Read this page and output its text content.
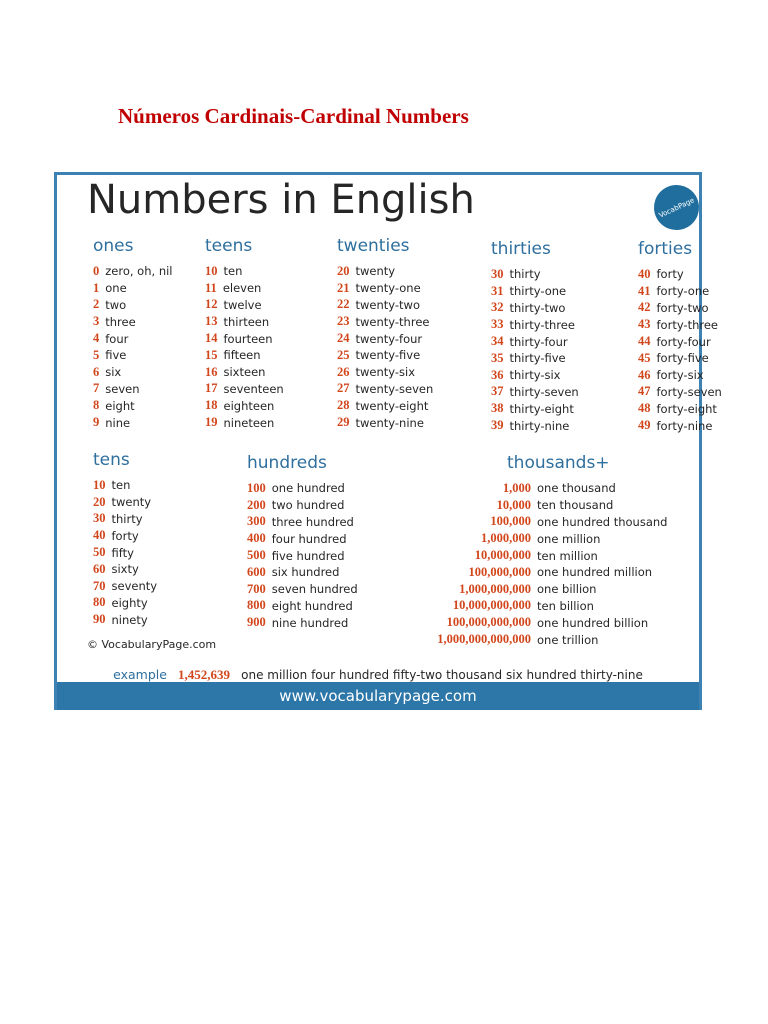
Números Cardinais-Cardinal Numbers
Numbers in English	VocabPage
ones
0 zero, oh, nil
1 one
2 two
3 three
4 four
5 five
6 six
7 seven
8 eight
9 nine
teens
10 ten
11 eleven
12 twelve
13 thirteen
14 fourteen
15 fifteen
16 sixteen
17 seventeen
18 eighteen
19 nineteen
twenties
20 twenty
21 twenty-one
22 twenty-two
23 twenty-three
24 twenty-four
25 twenty-five
26 twenty-six
27 twenty-seven
28 twenty-eight
29 twenty-nine
thirties
30 thirty
31 thirty-one
32 thirty-two
33 thirty-three
34 thirty-four
35 thirty-five
36 thirty-six
37 thirty-seven
38 thirty-eight
39 thirty-nine
forties
40 forty
41 forty-one
42 forty-two
43 forty-three
44 forty-four
45 forty-five
46 forty-six
47 forty-seven
48 forty-eight
49 forty-nine
tens
10 ten
20 twenty
30 thirty
40 forty
50 fifty
60 sixty
70 seventy
80 eighty
90 ninety
hundreds
100 one hundred
200 two hundred
300 three hundred
400 four hundred
500 five hundred
600 six hundred
700 seven hundred
800 eight hundred
900 nine hundred
thousands+
1,000 one thousand
10,000 ten thousand
100,000 one hundred thousand
1,000,000 one million
10,000,000 ten million
100,000,000 one hundred million
1,000,000,000 one billion
10,000,000,000 ten billion
100,000,000,000 one hundred billion
1,000,000,000,000 one trillion
© VocabularyPage.com
example 1,452,639 one million four hundred fifty-two thousand six hundred thirty-nine
www.vocabularypage.com
